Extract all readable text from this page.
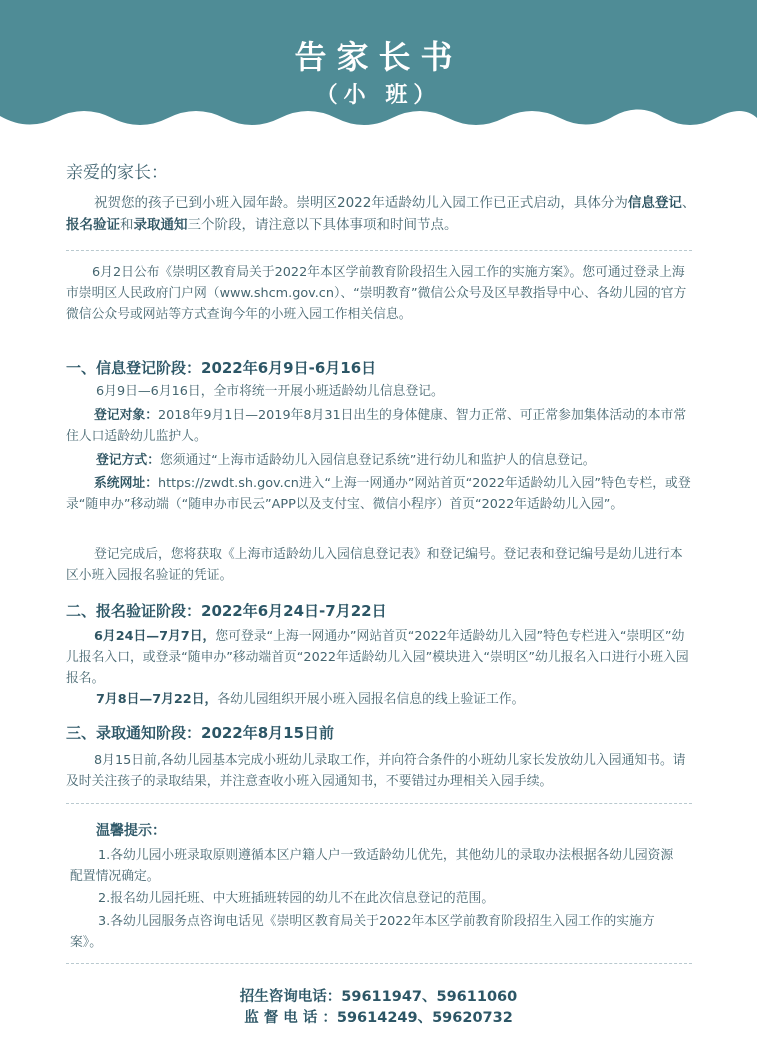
告家长书
（小 班）
亲爱的家长：
祝贺您的孩子已到小班入园年龄。崇明区2022年适龄幼儿入园工作已正式启动，具体分为信息登记、报名验证和录取通知三个阶段，请注意以下具体事项和时间节点。
6月2日公布《崇明区教育局关于2022年本区学前教育阶段招生入园工作的实施方案》。您可通过登录上海市崇明区人民政府门户网（www.shcm.gov.cn）、“崇明教育”微信公众号及区早教指导中心、各幼儿园的官方微信公众号或网站等方式查询今年的小班入园工作相关信息。
一、信息登记阶段：2022年6月9日-6月16日
6月9日—6月16日，全市将统一开展小班适龄幼儿信息登记。
登记对象：2018年9月1日—2019年8月31日出生的身体健康、智力正常、可正常参加集体活动的本市常住人口适龄幼儿监护人。
登记方式：您须通过“上海市适龄幼儿入园信息登记系统”进行幼儿和监护人的信息登记。
系统网址：https://zwdt.sh.gov.cn进入“上海一网通办”网站首页“2022年适龄幼儿入园”特色专栏，或登录“随申办”移动端（“随申办市民云”APP以及支付宝、微信小程序）首页“2022年适龄幼儿入园”。
登记完成后，您将获取《上海市适龄幼儿入园信息登记表》和登记编号。登记表和登记编号是幼儿进行本区小班入园报名验证的凭证。
二、报名验证阶段：2022年6月24日-7月22日
6月24日—7月7日，您可登录“上海一网通办”网站首页“2022年适龄幼儿入园”特色专栏进入“崇明区”幼儿报名入口，或登录“随申办”移动端首页“2022年适龄幼儿入园”模块进入“崇明区”幼儿报名入口进行小班入园报名。
7月8日—7月22日，各幼儿园组织开展小班入园报名信息的线上验证工作。
三、录取通知阶段：2022年8月15日前
8月15日前,各幼儿园基本完成小班幼儿录取工作，并向符合条件的小班幼儿家长发放幼儿入园通知书。请及时关注孩子的录取结果，并注意查收小班入园通知书，不要错过办理相关入园手续。
温馨提示：
1.各幼儿园小班录取原则遵循本区户籍人户一致适龄幼儿优先，其他幼儿的录取办法根据各幼儿园资源配置情况确定。
2.报名幼儿园托班、中大班插班转园的幼儿不在此次信息登记的范围。
3.各幼儿园服务点咨询电话见《崇明区教育局关于2022年本区学前教育阶段招生入园工作的实施方案》。
招生咨询电话：59611947、59611060
监 督 电 话 ：59614249、59620732
